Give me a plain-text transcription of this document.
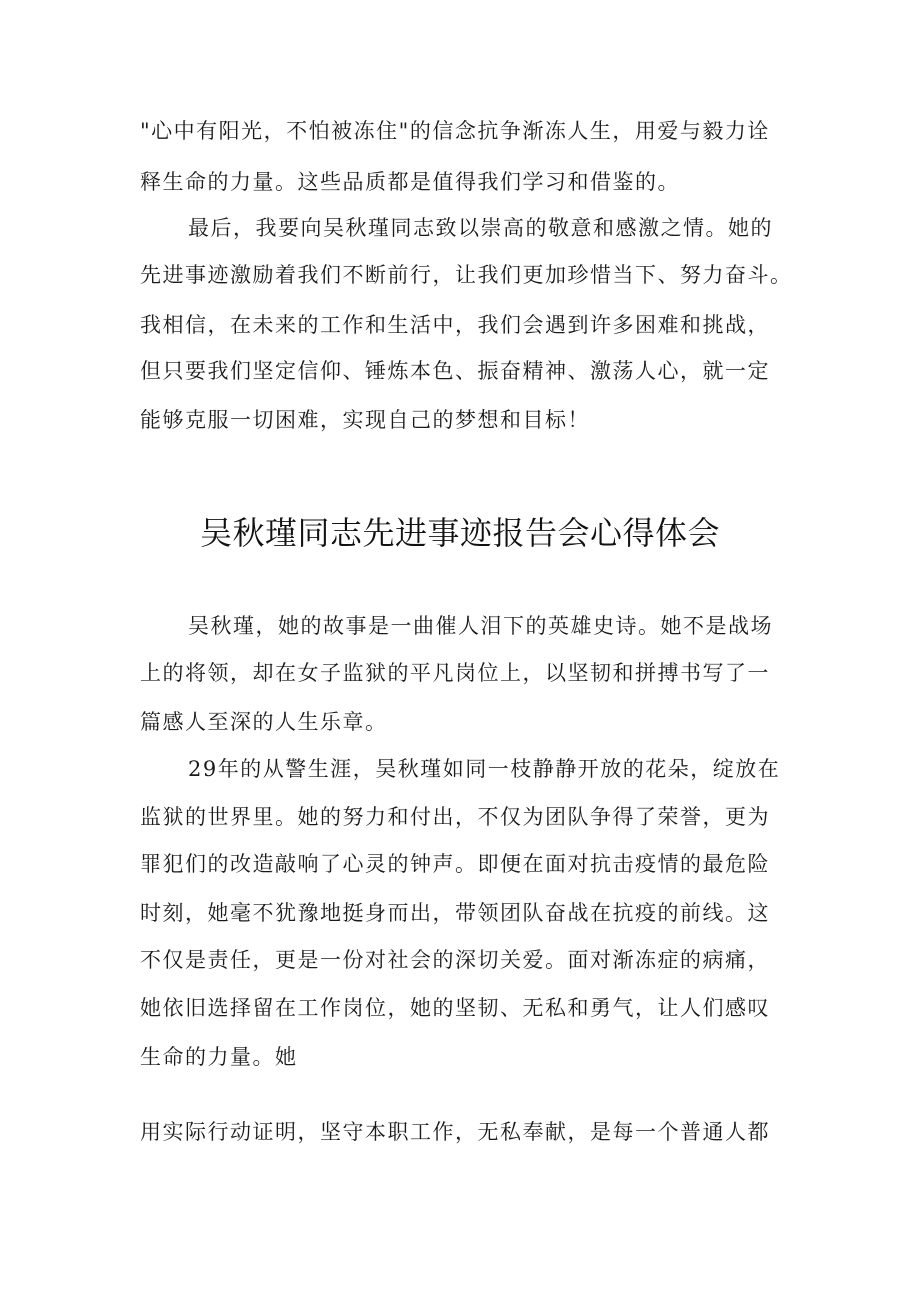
"心中有阳光，不怕被冻住"的信念抗争渐冻人生，用爱与毅力诠
释生命的力量。这些品质都是值得我们学习和借鉴的。
最后，我要向吴秋瑾同志致以崇高的敬意和感激之情。她的
先进事迹激励着我们不断前行，让我们更加珍惜当下、努力奋斗。
我相信，在未来的工作和生活中，我们会遇到许多困难和挑战，
但只要我们坚定信仰、锤炼本色、振奋精神、激荡人心，就一定
能够克服一切困难，实现自己的梦想和目标！
吴秋瑾同志先进事迹报告会心得体会
吴秋瑾，她的故事是一曲催人泪下的英雄史诗。她不是战场
上的将领，却在女子监狱的平凡岗位上，以坚韧和拼搏书写了一
篇感人至深的人生乐章。
29年的从警生涯，吴秋瑾如同一枝静静开放的花朵，绽放在
监狱的世界里。她的努力和付出，不仅为团队争得了荣誉，更为
罪犯们的改造敲响了心灵的钟声。即便在面对抗击疫情的最危险
时刻，她毫不犹豫地挺身而出，带领团队奋战在抗疫的前线。这
不仅是责任，更是一份对社会的深切关爱。面对渐冻症的病痛，
她依旧选择留在工作岗位，她的坚韧、无私和勇气，让人们感叹
生命的力量。她
用实际行动证明，坚守本职工作，无私奉献，是每一个普通人都
